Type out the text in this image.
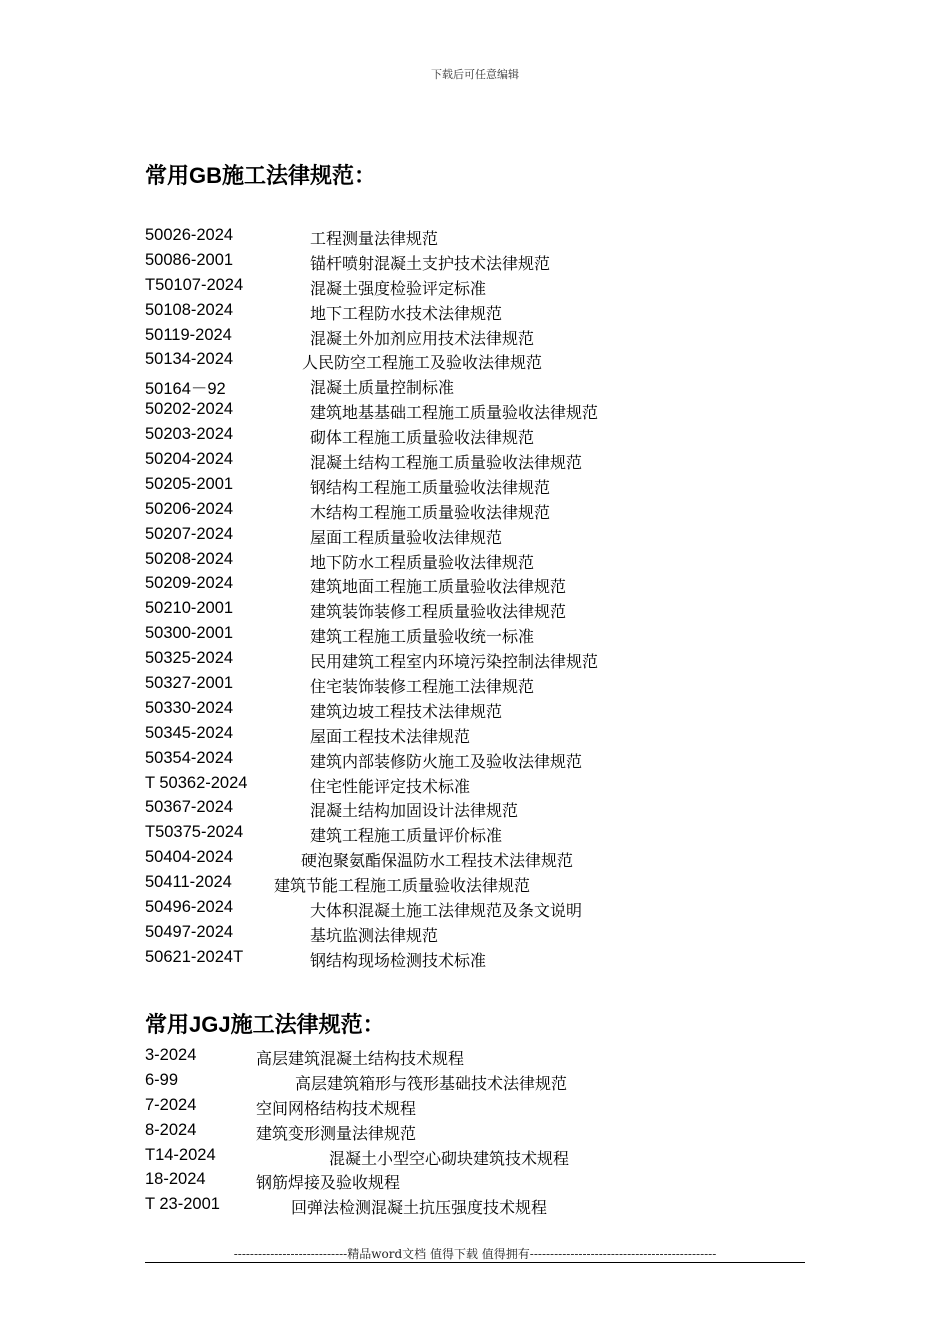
下载后可任意编辑
常用GB施工法律规范：
50026-2024	工程测量法律规范
50086-2001	锚杆喷射混凝土支护技术法律规范
T50107-2024	混凝土强度检验评定标准
50108-2024	地下工程防水技术法律规范
50119-2024	混凝土外加剂应用技术法律规范
50134-2024	人民防空工程施工及验收法律规范
50164－92	混凝土质量控制标准
50202-2024	建筑地基基础工程施工质量验收法律规范
50203-2024	砌体工程施工质量验收法律规范
50204-2024	混凝土结构工程施工质量验收法律规范
50205-2001	钢结构工程施工质量验收法律规范
50206-2024	木结构工程施工质量验收法律规范
50207-2024	屋面工程质量验收法律规范
50208-2024	地下防水工程质量验收法律规范
50209-2024	建筑地面工程施工质量验收法律规范
50210-2001	建筑装饰装修工程质量验收法律规范
50300-2001	建筑工程施工质量验收统一标准
50325-2024	民用建筑工程室内环境污染控制法律规范
50327-2001	住宅装饰装修工程施工法律规范
50330-2024	建筑边坡工程技术法律规范
50345-2024	屋面工程技术法律规范
50354-2024	建筑内部装修防火施工及验收法律规范
T 50362-2024	住宅性能评定技术标准
50367-2024	混凝土结构加固设计法律规范
T50375-2024	建筑工程施工质量评价标准
50404-2024	硬泡聚氨酯保温防水工程技术法律规范
50411-2024	建筑节能工程施工质量验收法律规范
50496-2024	大体积混凝土施工法律规范及条文说明
50497-2024	基坑监测法律规范
50621-2024T	钢结构现场检测技术标准
常用JGJ施工法律规范：
3-2024	高层建筑混凝土结构技术规程
6-99	高层建筑箱形与筏形基础技术法律规范
7-2024	空间网格结构技术规程
8-2024	建筑变形测量法律规范
T14-2024	混凝土小型空心砌块建筑技术规程
18-2024	钢筋焊接及验收规程
T 23-2001	回弹法检测混凝土抗压强度技术规程
----------------------------精品word文档 值得下载 值得拥有----------------------------------------------
